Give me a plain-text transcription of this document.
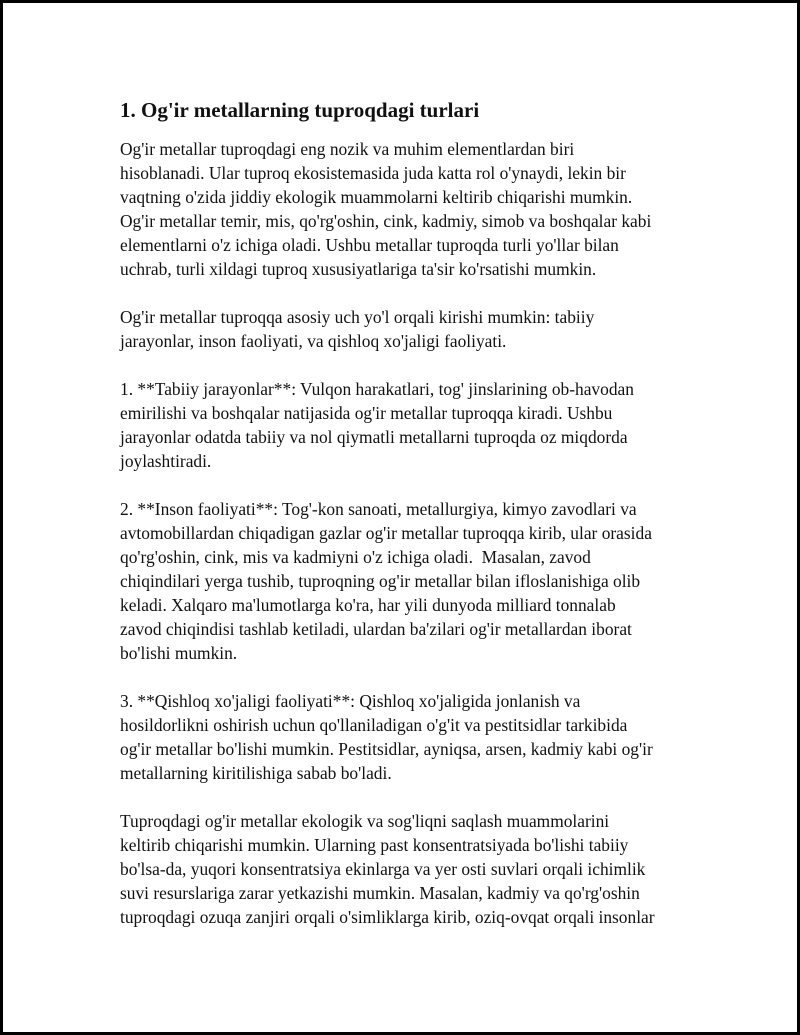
1. Og'ir metallarning tuproqdagi turlari
Og'ir metallar tuproqdagi eng nozik va muhim elementlardan biri
hisoblanadi. Ular tuproq ekosistemasida juda katta rol o'ynaydi, lekin bir
vaqtning o'zida jiddiy ekologik muammolarni keltirib chiqarishi mumkin.
Og'ir metallar temir, mis, qo'rg'oshin, cink, kadmiy, simob va boshqalar kabi
elementlarni o'z ichiga oladi. Ushbu metallar tuproqda turli yo'llar bilan
uchrab, turli xildagi tuproq xususiyatlariga ta'sir ko'rsatishi mumkin.
Og'ir metallar tuproqqa asosiy uch yo'l orqali kirishi mumkin: tabiiy
jarayonlar, inson faoliyati, va qishloq xo'jaligi faoliyati.
1. **Tabiiy jarayonlar**: Vulqon harakatlari, tog' jinslarining ob-havodan
emirilishi va boshqalar natijasida og'ir metallar tuproqqa kiradi. Ushbu
jarayonlar odatda tabiiy va nol qiymatli metallarni tuproqda oz miqdorda
joylashtiradi.
2. **Inson faoliyati**: Tog'-kon sanoati, metallurgiya, kimyo zavodlari va
avtomobillardan chiqadigan gazlar og'ir metallar tuproqqa kirib, ular orasida
qo'rg'oshin, cink, mis va kadmiyni o'z ichiga oladi.  Masalan, zavod
chiqindilari yerga tushib, tuproqning og'ir metallar bilan ifloslanishiga olib
keladi. Xalqaro ma'lumotlarga ko'ra, har yili dunyoda milliard tonnalab
zavod chiqindisi tashlab ketiladi, ulardan ba'zilari og'ir metallardan iborat
bo'lishi mumkin.
3. **Qishloq xo'jaligi faoliyati**: Qishloq xo'jaligida jonlanish va
hosildorlikni oshirish uchun qo'llaniladigan o'g'it va pestitsidlar tarkibida
og'ir metallar bo'lishi mumkin. Pestitsidlar, ayniqsa, arsen, kadmiy kabi og'ir
metallarning kiritilishiga sabab bo'ladi.
Tuproqdagi og'ir metallar ekologik va sog'liqni saqlash muammolarini
keltirib chiqarishi mumkin. Ularning past konsentratsiyada bo'lishi tabiiy
bo'lsa-da, yuqori konsentratsiya ekinlarga va yer osti suvlari orqali ichimlik
suvi resurslariga zarar yetkazishi mumkin. Masalan, kadmiy va qo'rg'oshin
tuproqdagi ozuqa zanjiri orqali o'simliklarga kirib, oziq-ovqat orqali insonlar
